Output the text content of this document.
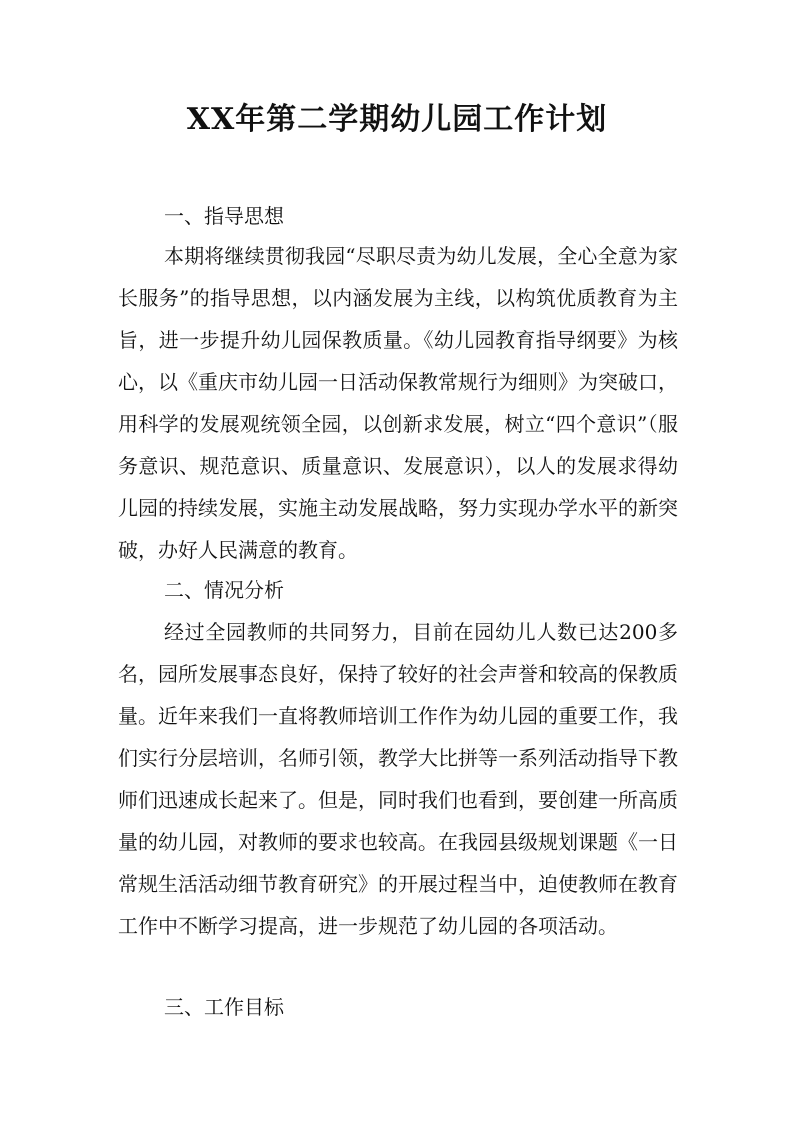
XX年第二学期幼儿园工作计划

一、指导思想

本期将继续贯彻我园“尽职尽责为幼儿发展，全心全意为家长服务”的指导思想，以内涵发展为主线，以构筑优质教育为主旨，进一步提升幼儿园保教质量。《幼儿园教育指导纲要》为核心，以《重庆市幼儿园一日活动保教常规行为细则》为突破口，用科学的发展观统领全园，以创新求发展，树立“四个意识”（服务意识、规范意识、质量意识、发展意识），以人的发展求得幼儿园的持续发展，实施主动发展战略，努力实现办学水平的新突破，办好人民满意的教育。

二、情况分析

经过全园教师的共同努力，目前在园幼儿人数已达200多名，园所发展事态良好，保持了较好的社会声誉和较高的保教质量。近年来我们一直将教师培训工作作为幼儿园的重要工作，我们实行分层培训，名师引领，教学大比拼等一系列活动指导下教师们迅速成长起来了。但是，同时我们也看到，要创建一所高质量的幼儿园，对教师的要求也较高。在我园县级规划课题《一日常规生活活动细节教育研究》的开展过程当中，迫使教师在教育工作中不断学习提高，进一步规范了幼儿园的各项活动。

三、工作目标
